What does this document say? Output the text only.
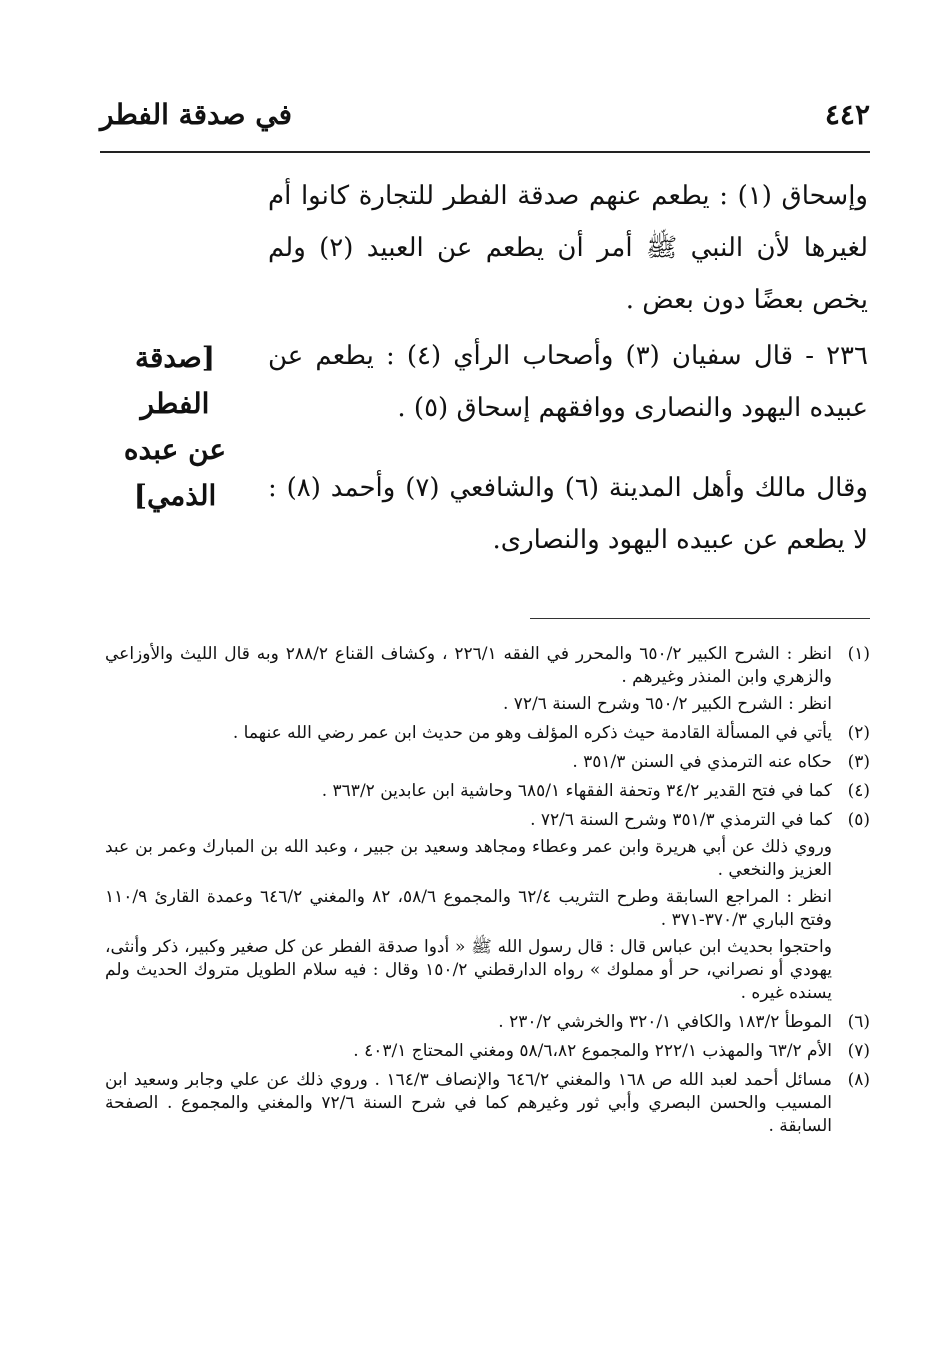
٤٤٢
في صدقة الفطر

وإسحاق (١) : يطعم عنهم صدقة الفطر للتجارة كانوا أم لغيرها لأن النبي ﷺ أمر أن يطعم عن العبيد (٢) ولم يخص بعضًا دون بعض .

٢٣٦ - قال سفيان (٣) وأصحاب الرأي (٤) : يطعم عن عبيده اليهود والنصارى ووافقهم إسحاق (٥) .

وقال مالك وأهل المدينة (٦) والشافعي (٧) وأحمد (٨) : لا يطعم عن عبيده اليهود والنصارى.

[صدقة الفطر
عن عبده
الذمي]
(١)
انظر : الشرح الكبير ٦٥٠/٢ والمحرر في الفقه ٢٢٦/١ ، وكشاف القناع ٢٨٨/٢ وبه قال الليث والأوزاعي والزهري وابن المنذر وغيرهم .
انظر : الشرح الكبير ٦٥٠/٢ وشرح السنة ٧٢/٦ .
(٢)
يأتي في المسألة القادمة حيث ذكره المؤلف وهو من حديث ابن عمر رضي الله عنهما .
(٣)
حكاه عنه الترمذي في السنن ٣٥١/٣ .
(٤)
كما في فتح القدير ٣٤/٢ وتحفة الفقهاء ٦٨٥/١ وحاشية ابن عابدين ٣٦٣/٢ .
(٥)
كما في الترمذي ٣٥١/٣ وشرح السنة ٧٢/٦ .
وروي ذلك عن أبي هريرة وابن عمر وعطاء ومجاهد وسعيد بن جبير ، وعبد الله بن المبارك وعمر بن عبد العزيز والنخعي .
انظر : المراجع السابقة وطرح التثريب ٦٢/٤ والمجموع ٥٨/٦، ٨٢ والمغني ٦٤٦/٢ وعمدة القارئ ١١٠/٩ وفتح الباري ٣٧٠/٣-٣٧١ .
واحتجوا بحديث ابن عباس قال : قال رسول الله ﷺ « أدوا صدقة الفطر عن كل صغير وكبير، ذكر وأنثى، يهودي أو نصراني، حر أو مملوك » رواه الدارقطني ١٥٠/٢ وقال : فيه سلام الطويل متروك الحديث ولم يسنده غيره .
(٦)
الموطأ ١٨٣/٢ والكافي ٣٢٠/١ والخرشي ٢٣٠/٢ .
(٧)
الأم ٦٣/٢ والمهذب ٢٢٢/١ والمجموع ٥٨/٦،٨٢ ومغني المحتاج ٤٠٣/١ .
(٨)
مسائل أحمد لعبد الله ص ١٦٨ والمغني ٦٤٦/٢ والإنصاف ١٦٤/٣ . وروي ذلك عن علي وجابر وسعيد ابن المسيب والحسن البصري وأبي ثور وغيرهم كما في شرح السنة ٧٢/٦ والمغني والمجموع . الصفحة السابقة .
